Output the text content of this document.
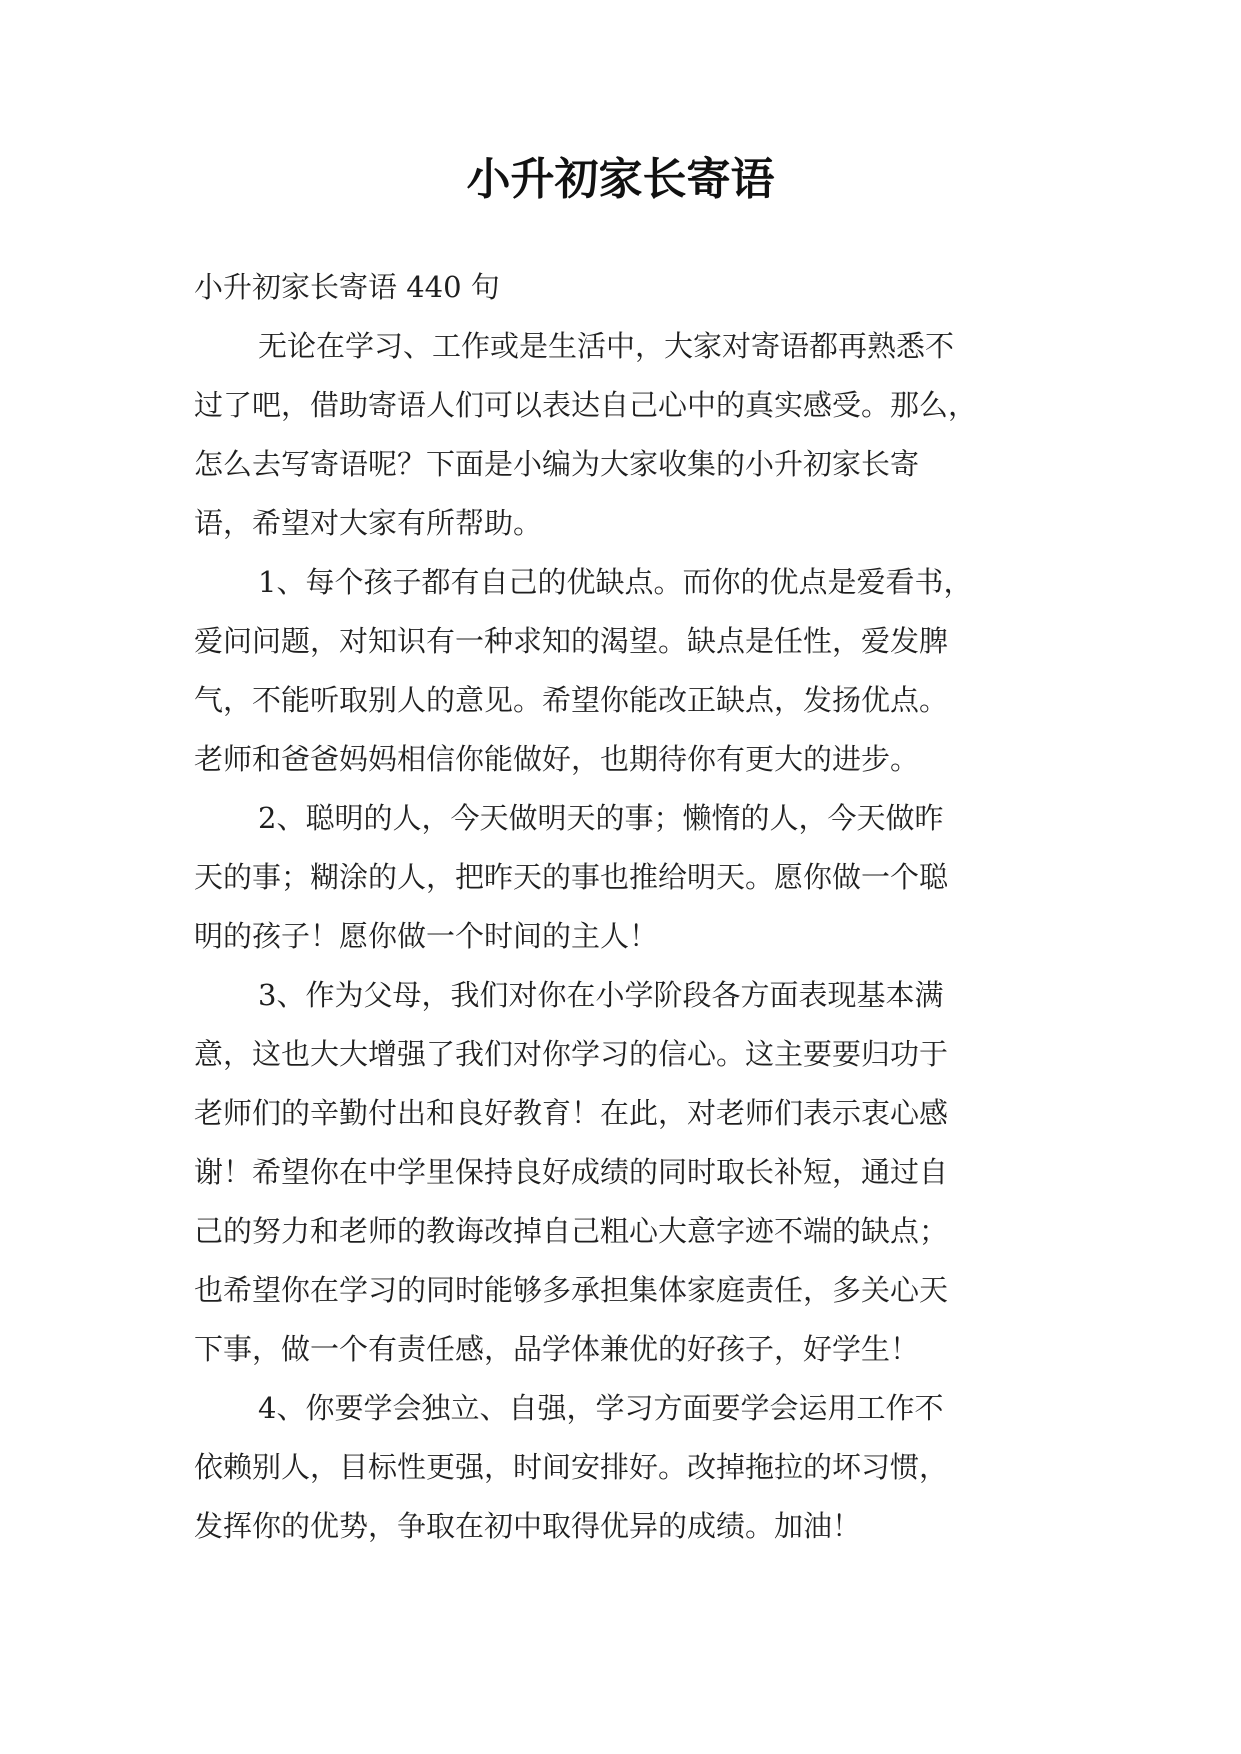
小升初家长寄语
小升初家长寄语 440 句
无论在学习、工作或是生活中，大家对寄语都再熟悉不
过了吧，借助寄语人们可以表达自己心中的真实感受。那么，
怎么去写寄语呢？下面是小编为大家收集的小升初家长寄
语，希望对大家有所帮助。
1、每个孩子都有自己的优缺点。而你的优点是爱看书，
爱问问题，对知识有一种求知的渴望。缺点是任性，爱发脾
气，不能听取别人的意见。希望你能改正缺点，发扬优点。
老师和爸爸妈妈相信你能做好，也期待你有更大的进步。
2、聪明的人，今天做明天的事；懒惰的人，今天做昨
天的事；糊涂的人，把昨天的事也推给明天。愿你做一个聪
明的孩子！愿你做一个时间的主人！
3、作为父母，我们对你在小学阶段各方面表现基本满
意，这也大大增强了我们对你学习的信心。这主要要归功于
老师们的辛勤付出和良好教育！在此，对老师们表示衷心感
谢！希望你在中学里保持良好成绩的同时取长补短，通过自
己的努力和老师的教诲改掉自己粗心大意字迹不端的缺点；
也希望你在学习的同时能够多承担集体家庭责任，多关心天
下事，做一个有责任感，品学体兼优的好孩子，好学生！
4、你要学会独立、自强，学习方面要学会运用工作不
依赖别人，目标性更强，时间安排好。改掉拖拉的坏习惯，
发挥你的优势，争取在初中取得优异的成绩。加油！
